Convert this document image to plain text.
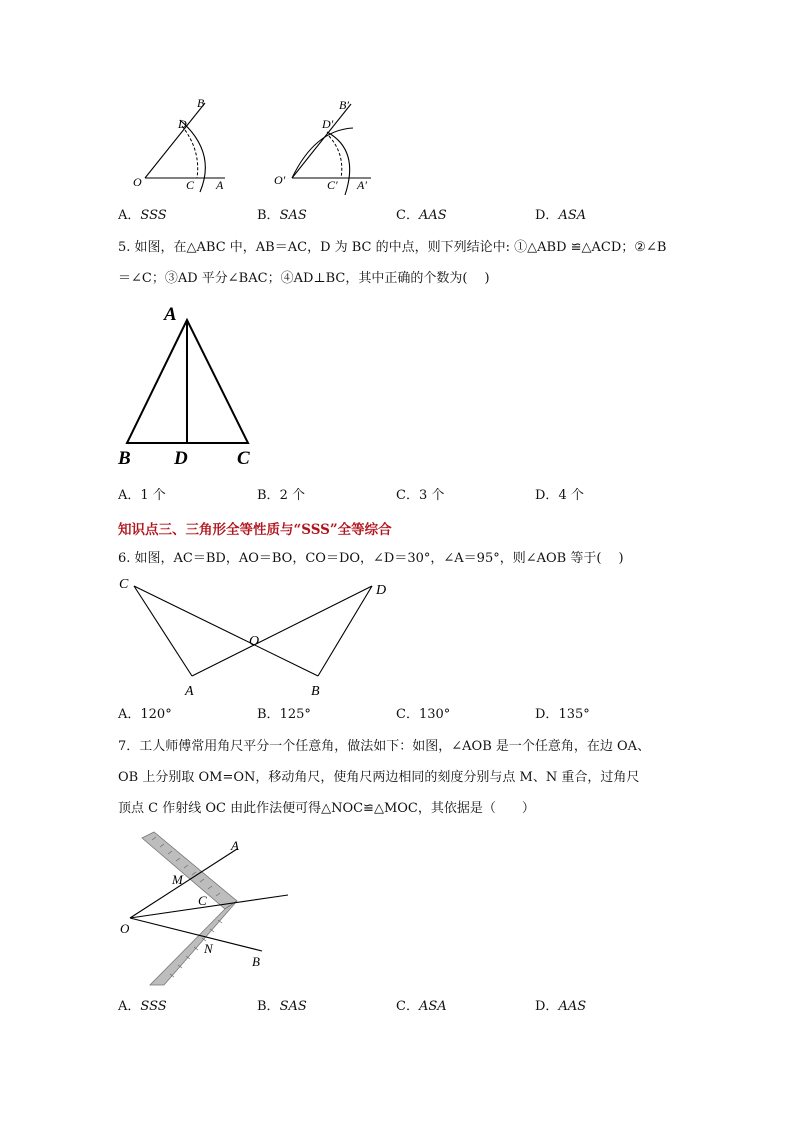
B
D
O	C A
B′
D′
O′	C′ A′
A．SSS	B．SAS	C．AAS	D．ASA
5. 如图，在△ABC 中，AB＝AC，D 为 BC 的中点，则下列结论中: ①△ABD ≌△ACD；②∠B
＝∠C；③AD 平分∠BAC；④AD⊥BC，其中正确的个数为(　 )
A
B D	C
A．1 个	B．2 个	C．3 个	D．4 个
知识点三、三角形全等性质与“SSS”全等综合
6. 如图，AC＝BD，AO＝BO，CO＝DO，∠D＝30°，∠A＝95°，则∠AOB 等于(　 )
C	D
O
A	B
A．120°	B．125°	C．130°	D．135°
7．工人师傅常用角尺平分一个任意角，做法如下：如图，∠AOB 是一个任意角，在边 OA、
OB 上分别取 OM=ON，移动角尺，使角尺两边相同的刻度分别与点 M、N 重合，过角尺
顶点 C 作射线 OC 由此作法便可得△NOC≌△MOC，其依据是（　　）
A
M
C
O
N
B
A．SSS	B．SAS	C．ASA	D．AAS
